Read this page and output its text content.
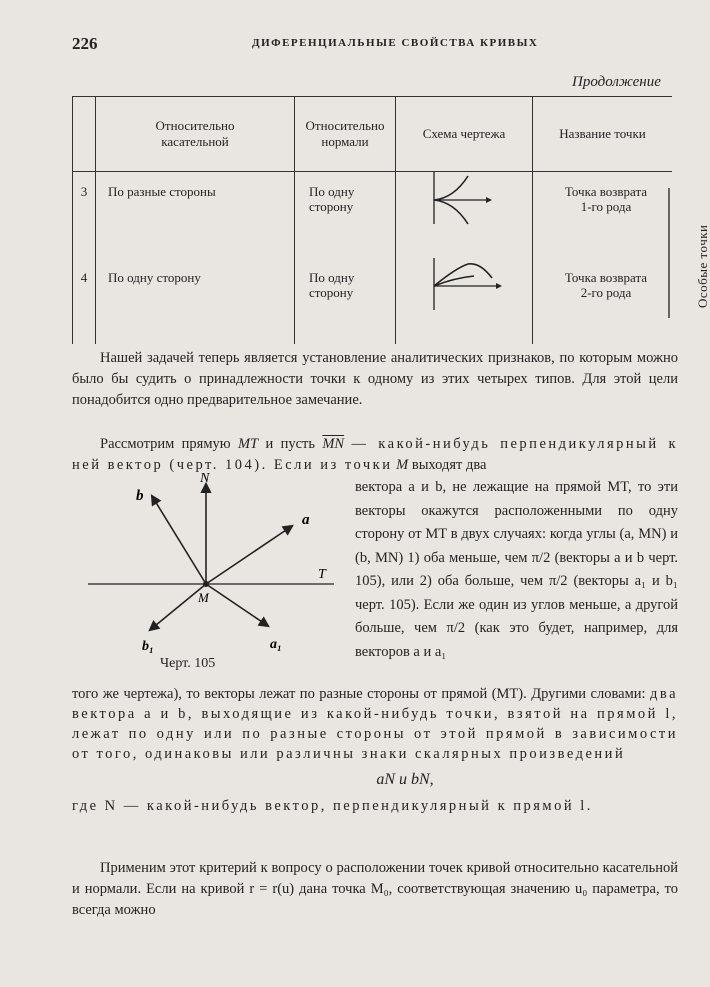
226	ДИФЕРЕНЦИАЛЬНЫЕ СВОЙСТВА КРИВЫХ
Продолжение
	Относительно касательной	Относительно нормали	Схема чертежа	Название точки
3	По разные стороны	По одну сторону		Точка возврата 1-го рода

4	По одну сторону	По одну сторону		Точка возврата 2-го рода Особые точки
Нашей задачей теперь является установление аналитических признаков, по которым можно было бы судить о принадлежности точки к одному из этих четырех типов. Для этой цели понадобится одно предварительное замечание.
Рассмотрим прямую MT и пусть $\overline{MN}$ — какой-нибудь перпендикулярный к ней вектор (черт. 104). Если из точки M выходят два
N
b
a
T
M
b₁	a₁
Черт. 105
вектора a и b, не лежащие на прямой MT, то эти векторы окажутся расположенными по одну сторону от MT в двух случаях: когда углы (a, MN) и (b, MN) 1) оба меньше, чем π/2 (векторы a и b черт. 105), или 2) оба больше, чем π/2 (векторы a₁ и b₁ черт. 105). Если же один из углов меньше, а другой больше, чем π/2 (как это будет, например, для векторов a и a₁
того же чертежа), то векторы лежат по разные стороны от прямой (MT). Другими словами: два вектора a и b, выходящие из какой-нибудь точки, взятой на прямой l, лежат по одну или по разные стороны от этой прямой в зависимости от того, одинаковы или различны знаки скалярных произведений
aN и bN,
где N — какой-нибудь вектор, перпендикулярный к прямой l.
Применим этот критерий к вопросу о расположении точек кривой относительно касательной и нормали. Если на кривой r = r(u) дана точка M₀, соответствующая значению u₀ параметра, то всегда можно
